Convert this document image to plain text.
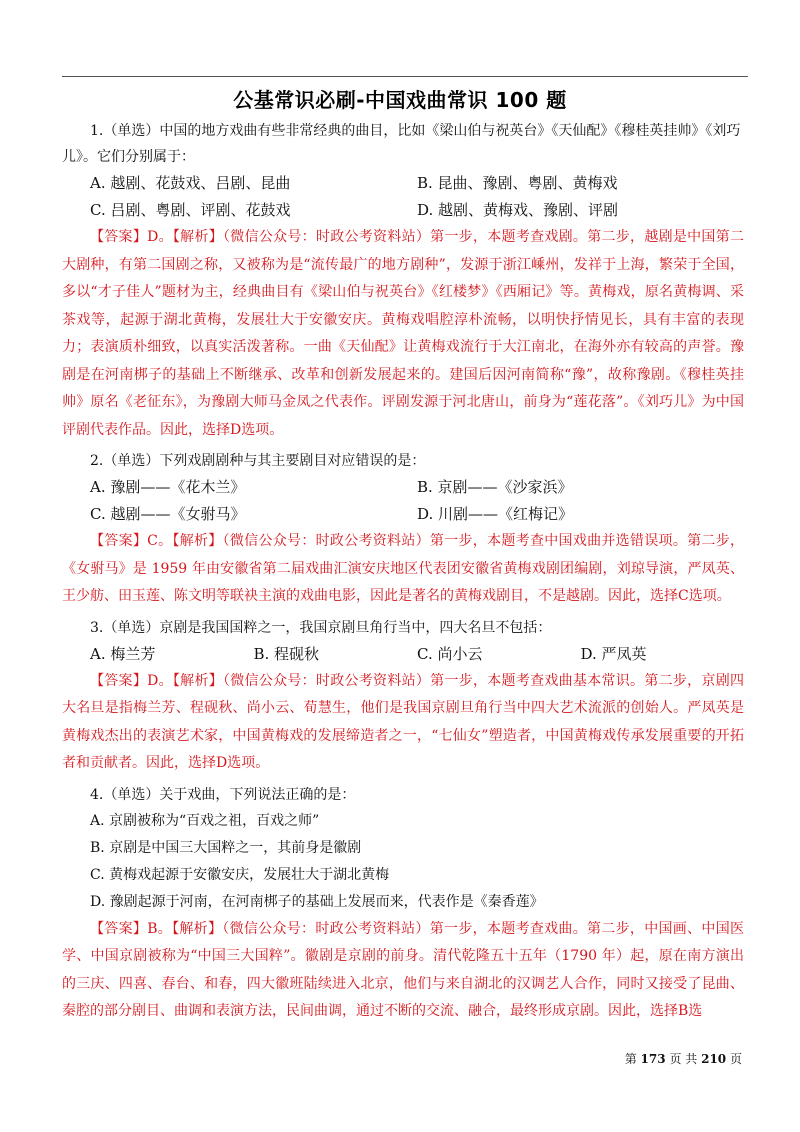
公基常识必刷-中国戏曲常识 100 题

1.（单选）中国的地方戏曲有些非常经典的曲目，比如《梁山伯与祝英台》《天仙配》《穆桂英挂帅》《刘巧儿》。它们分别属于：

A. 越剧、花鼓戏、吕剧、昆曲	B. 昆曲、豫剧、粤剧、黄梅戏
C. 吕剧、粤剧、评剧、花鼓戏	D. 越剧、黄梅戏、豫剧、评剧

【答案】D。【解析】（微信公众号：时政公考资料站）第一步，本题考查戏剧。第二步，越剧是中国第二大剧种，有第二国剧之称，又被称为是“流传最广的地方剧种”，发源于浙江嵊州，发祥于上海，繁荣于全国，多以“才子佳人”题材为主，经典曲目有《梁山伯与祝英台》《红楼梦》《西厢记》等。黄梅戏，原名黄梅调、采茶戏等，起源于湖北黄梅，发展壮大于安徽安庆。黄梅戏唱腔淳朴流畅，以明快抒情见长，具有丰富的表现力；表演质朴细致，以真实活泼著称。一曲《天仙配》让黄梅戏流行于大江南北，在海外亦有较高的声誉。豫剧是在河南梆子的基础上不断继承、改革和创新发展起来的。建国后因河南简称“豫”，故称豫剧。《穆桂英挂帅》原名《老征东》，为豫剧大师马金凤之代表作。评剧发源于河北唐山，前身为“莲花落”。《刘巧儿》为中国评剧代表作品。因此，选择D选项。

2.（单选）下列戏剧剧种与其主要剧目对应错误的是：

A. 豫剧——《花木兰》	B. 京剧——《沙家浜》
C. 越剧——《女驸马》	D. 川剧——《红梅记》

【答案】C。【解析】（微信公众号：时政公考资料站）第一步，本题考查中国戏曲并选错误项。第二步，《女驸马》是 1959 年由安徽省第二届戏曲汇演安庆地区代表团安徽省黄梅戏剧团编剧，刘琼导演，严凤英、王少舫、田玉莲、陈文明等联袂主演的戏曲电影，因此是著名的黄梅戏剧目，不是越剧。因此，选择C选项。

3.（单选）京剧是我国国粹之一，我国京剧旦角行当中，四大名旦不包括：

A. 梅兰芳	B. 程砚秋	C. 尚小云	D. 严凤英

【答案】D。【解析】（微信公众号：时政公考资料站）第一步，本题考查戏曲基本常识。第二步，京剧四大名旦是指梅兰芳、程砚秋、尚小云、荀慧生，他们是我国京剧旦角行当中四大艺术流派的创始人。严凤英是黄梅戏杰出的表演艺术家，中国黄梅戏的发展缔造者之一，“七仙女”塑造者，中国黄梅戏传承发展重要的开拓者和贡献者。因此，选择D选项。

4.（单选）关于戏曲，下列说法正确的是：

A. 京剧被称为“百戏之祖，百戏之师”
B. 京剧是中国三大国粹之一，其前身是徽剧
C. 黄梅戏起源于安徽安庆，发展壮大于湖北黄梅
D. 豫剧起源于河南，在河南梆子的基础上发展而来，代表作是《秦香莲》

【答案】B。【解析】（微信公众号：时政公考资料站）第一步，本题考查戏曲。第二步，中国画、中国医学、中国京剧被称为“中国三大国粹”。徽剧是京剧的前身。清代乾隆五十五年（1790 年）起，原在南方演出的三庆、四喜、春台、和春，四大徽班陆续进入北京，他们与来自湖北的汉调艺人合作，同时又接受了昆曲、秦腔的部分剧目、曲调和表演方法，民间曲调，通过不断的交流、融合，最终形成京剧。因此，选择B选

第 173 页 共 210 页
